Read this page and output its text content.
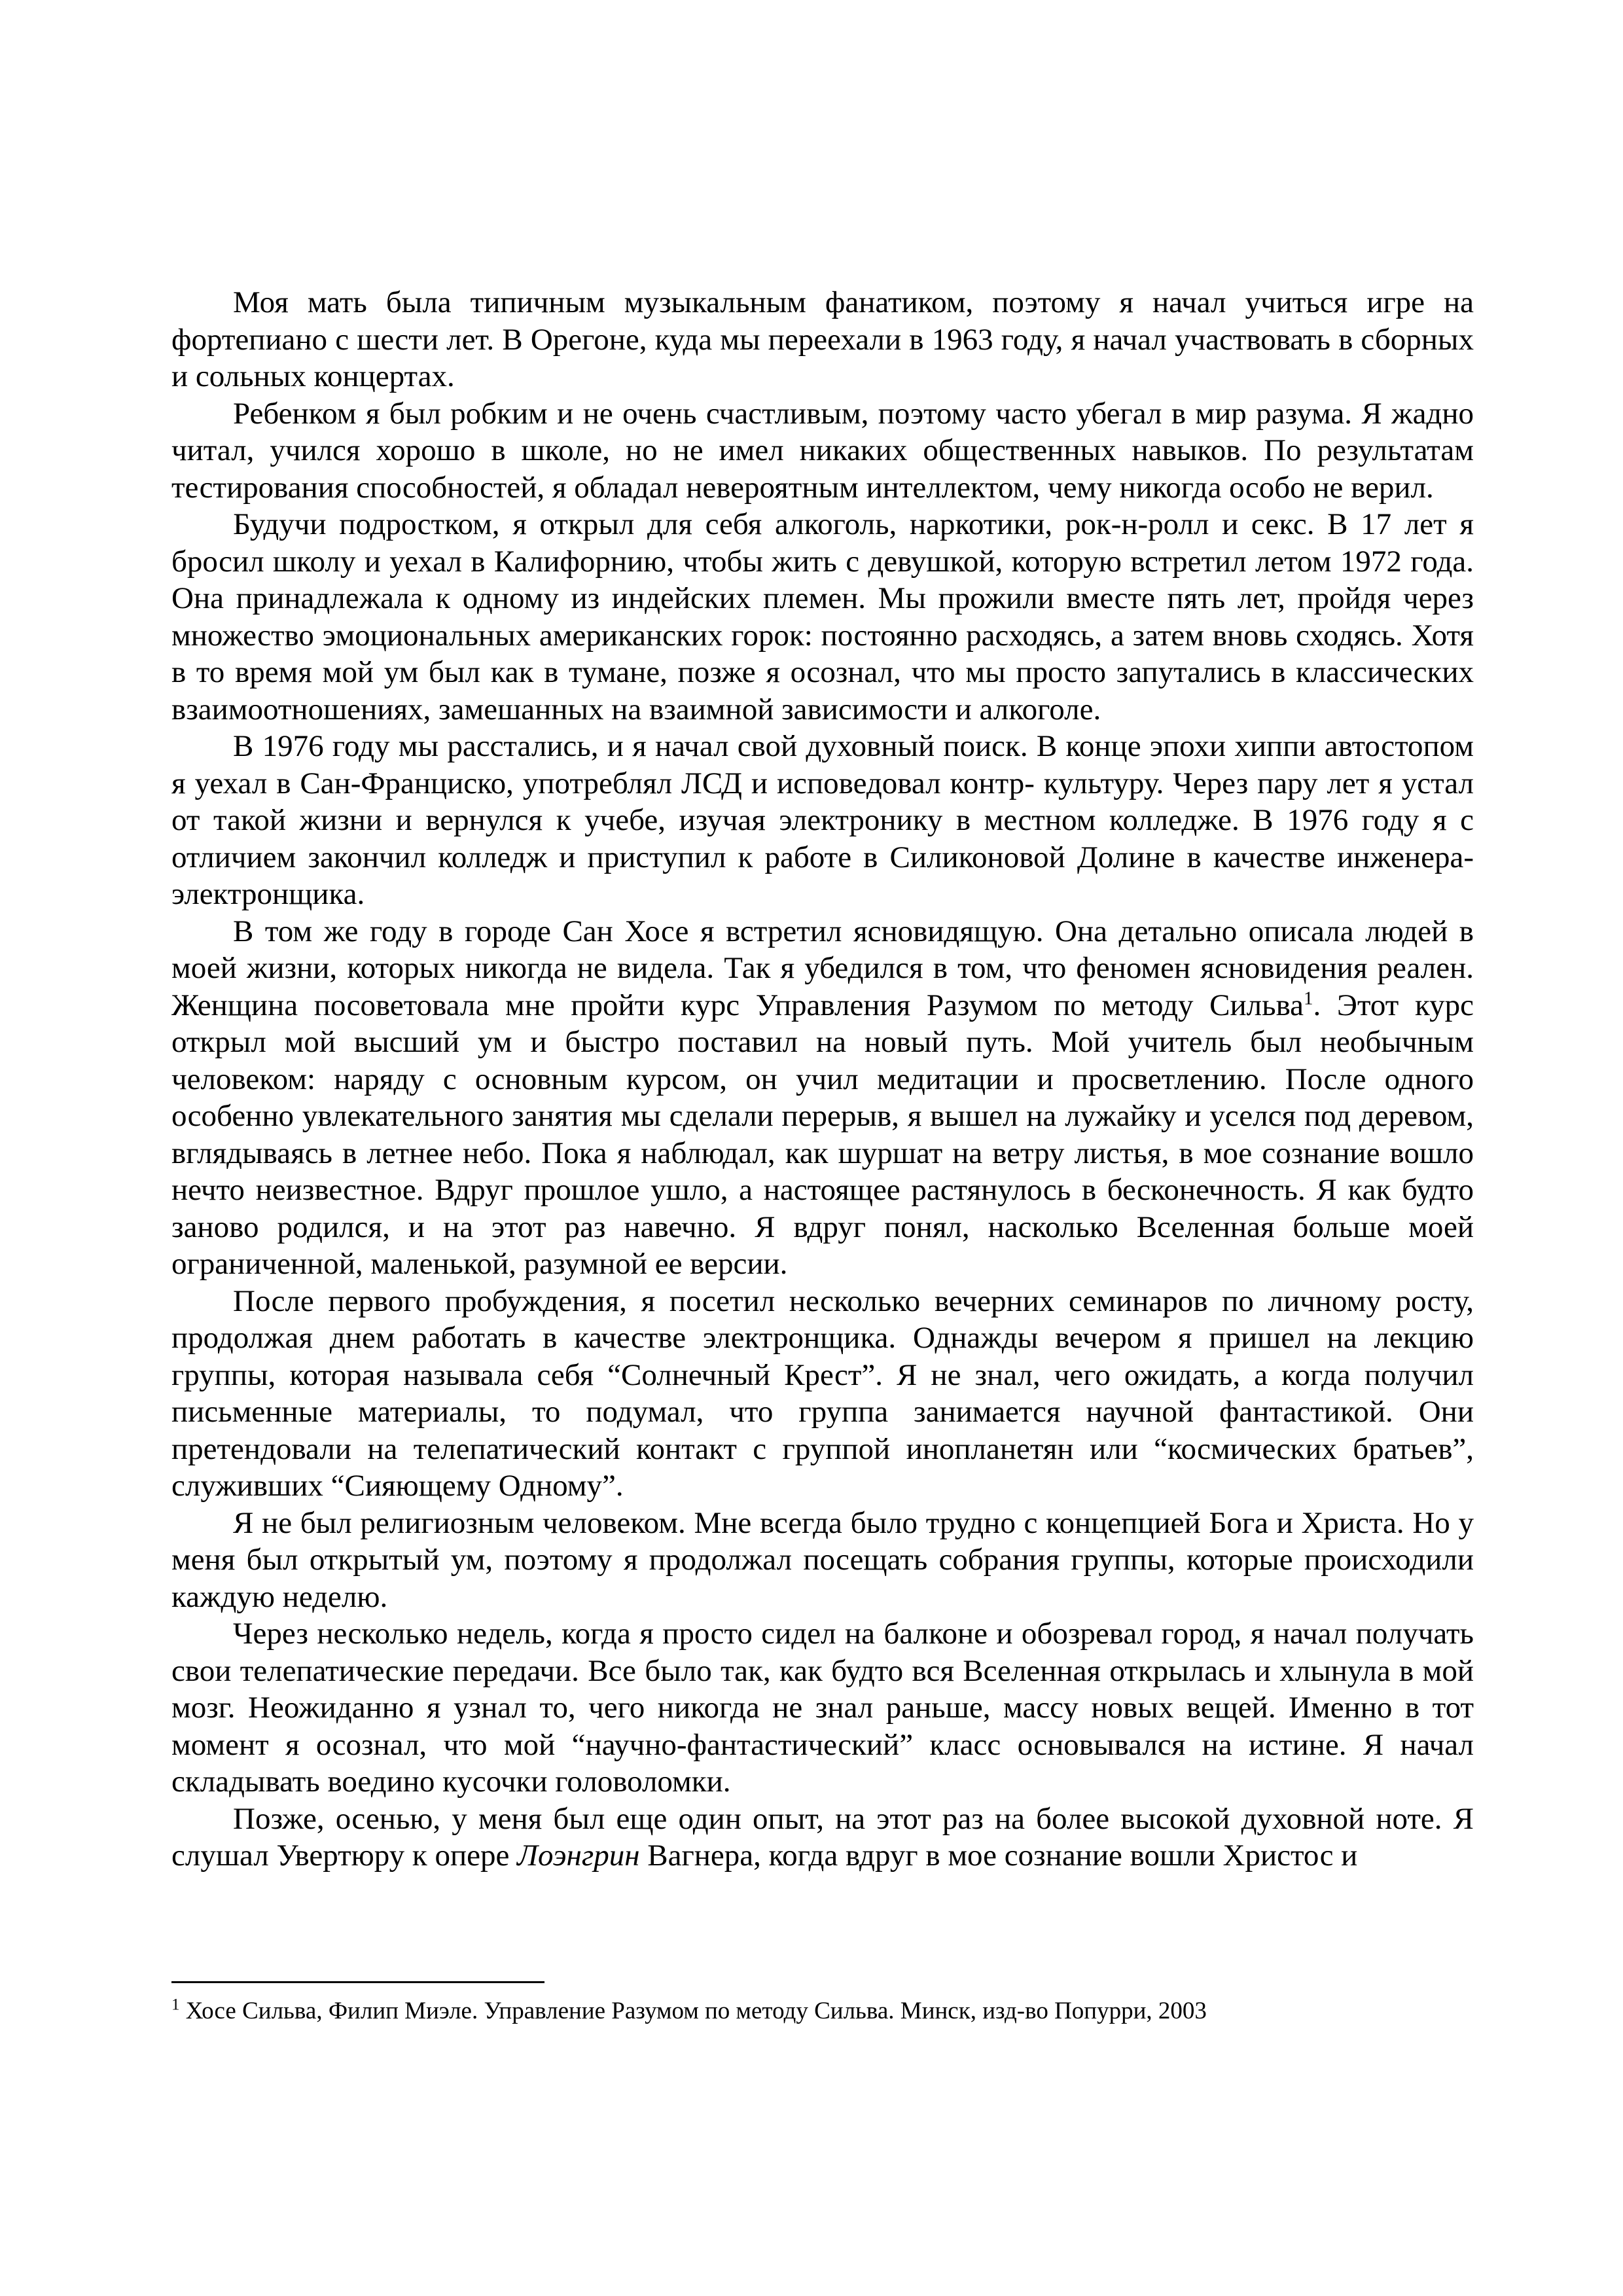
Моя мать была типичным музыкальным фанатиком, поэтому я начал учиться игре на фортепиано с шести лет. В Орегоне, куда мы переехали в 1963 году, я начал участвовать в сборных и сольных концертах.

Ребенком я был робким и не очень счастливым, поэтому часто убегал в мир разума. Я жадно читал, учился хорошо в школе, но не имел никаких общественных навыков. По результатам тестирования способностей, я обладал невероятным интеллектом, чему никогда особо не верил.

Будучи подростком, я открыл для себя алкоголь, наркотики, рок-н-ролл и секс. В 17 лет я бросил школу и уехал в Калифорнию, чтобы жить с девушкой, которую встретил летом 1972 года. Она принадлежала к одному из индейских племен. Мы прожили вместе пять лет, пройдя через множество эмоциональных американских горок: постоянно расходясь, а затем вновь сходясь. Хотя в то время мой ум был как в тумане, позже я осознал, что мы просто запутались в классических взаимоотношениях, замешанных на взаимной зависимости и алкоголе.

В 1976 году мы расстались, и я начал свой духовный поиск. В конце эпохи хиппи автостопом я уехал в Сан-Франциско, употреблял ЛСД и исповедовал контр- культуру. Через пару лет я устал от такой жизни и вернулся к учебе, изучая электронику в местном колледже. В 1976 году я с отличием закончил колледж и приступил к работе в Силиконовой Долине в качестве инженера-электронщика.

В том же году в городе Сан Хосе я встретил ясновидящую. Она детально описала людей в моей жизни, которых никогда не видела. Так я убедился в том, что феномен ясновидения реален. Женщина посоветовала мне пройти курс Управления Разумом по методу Сильва$^1$. Этот курс открыл мой высший ум и быстро поставил на новый путь. Мой учитель был необычным человеком: наряду с основным курсом, он учил медитации и просветлению. После одного особенно увлекательного занятия мы сделали перерыв, я вышел на лужайку и уселся под деревом, вглядываясь в летнее небо. Пока я наблюдал, как шуршат на ветру листья, в мое сознание вошло нечто неизвестное. Вдруг прошлое ушло, а настоящее растянулось в бесконечность. Я как будто заново родился, и на этот раз навечно. Я вдруг понял, насколько Вселенная больше моей ограниченной, маленькой, разумной ее версии.

После первого пробуждения, я посетил несколько вечерних семинаров по личному росту, продолжая днем работать в качестве электронщика. Однажды вечером я пришел на лекцию группы, которая называла себя “Солнечный Крест”. Я не знал, чего ожидать, а когда получил письменные материалы, то подумал, что группа занимается научной фантастикой. Они претендовали на телепатический контакт с группой инопланетян или “космических братьев”, служивших “Сияющему Одному”.

Я не был религиозным человеком. Мне всегда было трудно с концепцией Бога и Христа. Но у меня был открытый ум, поэтому я продолжал посещать собрания группы, которые происходили каждую неделю.

Через несколько недель, когда я просто сидел на балконе и обозревал город, я начал получать свои телепатические передачи. Все было так, как будто вся Вселенная открылась и хлынула в мой мозг. Неожиданно я узнал то, чего никогда не знал раньше, массу новых вещей. Именно в тот момент я осознал, что мой “научно-фантастический” класс основывался на истине. Я начал складывать воедино кусочки головоломки.

Позже, осенью, у меня был еще один опыт, на этот раз на более высокой духовной ноте. Я слушал Увертюру к опере Лоэнгрин Вагнера, когда вдруг в мое сознание вошли Христос и

$^1$ Хосе Сильва, Филип Миэле. Управление Разумом по методу Сильва. Минск, изд-во Попурри, 2003
